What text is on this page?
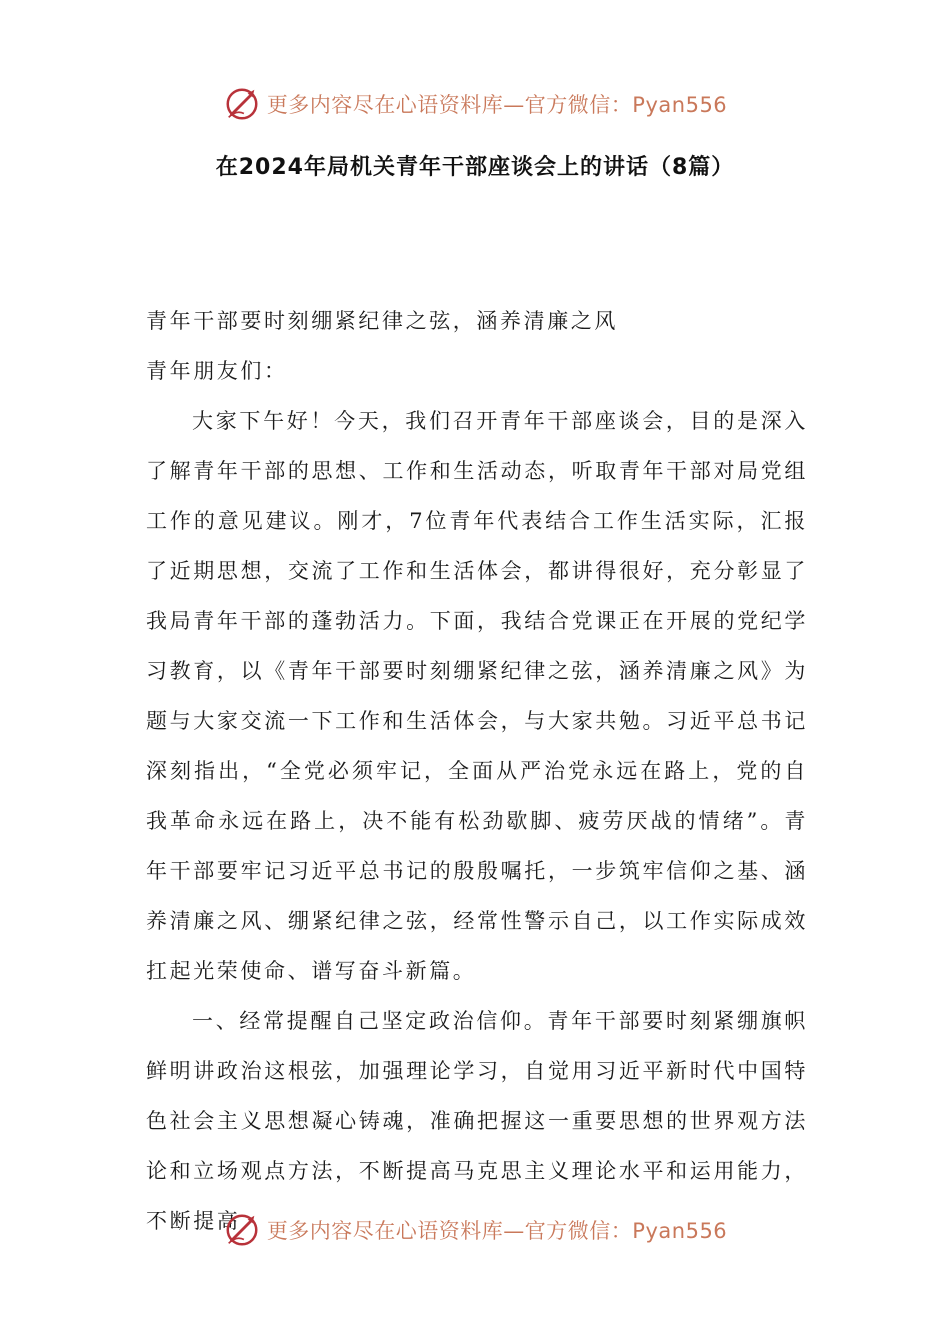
更多内容尽在心语资料库—官方微信：Pyan556
在2024年局机关青年干部座谈会上的讲话（8篇）

青年干部要时刻绷紧纪律之弦，涵养清廉之风

青年朋友们：

大家下午好！今天，我们召开青年干部座谈会，目的是深入了解青年干部的思想、工作和生活动态，听取青年干部对局党组工作的意见建议。刚才，7位青年代表结合工作生活实际，汇报了近期思想，交流了工作和生活体会，都讲得很好，充分彰显了我局青年干部的蓬勃活力。下面，我结合党课正在开展的党纪学习教育，以《青年干部要时刻绷紧纪律之弦，涵养清廉之风》为题与大家交流一下工作和生活体会，与大家共勉。习近平总书记深刻指出，“全党必须牢记，全面从严治党永远在路上，党的自我革命永远在路上，决不能有松劲歇脚、疲劳厌战的情绪”。青年干部要牢记习近平总书记的殷殷嘱托，一步筑牢信仰之基、涵养清廉之风、绷紧纪律之弦，经常性警示自己，以工作实际成效扛起光荣使命、谱写奋斗新篇。

一、经常提醒自己坚定政治信仰。青年干部要时刻紧绷旗帜鲜明讲政治这根弦，加强理论学习，自觉用习近平新时代中国特色社会主义思想凝心铸魂，准确把握这一重要思想的世界观方法论和立场观点方法，不断提高马克思主义理论水平和运用能力，不断提高	更多内容尽在心语资料库—官方微信：Pyan556
